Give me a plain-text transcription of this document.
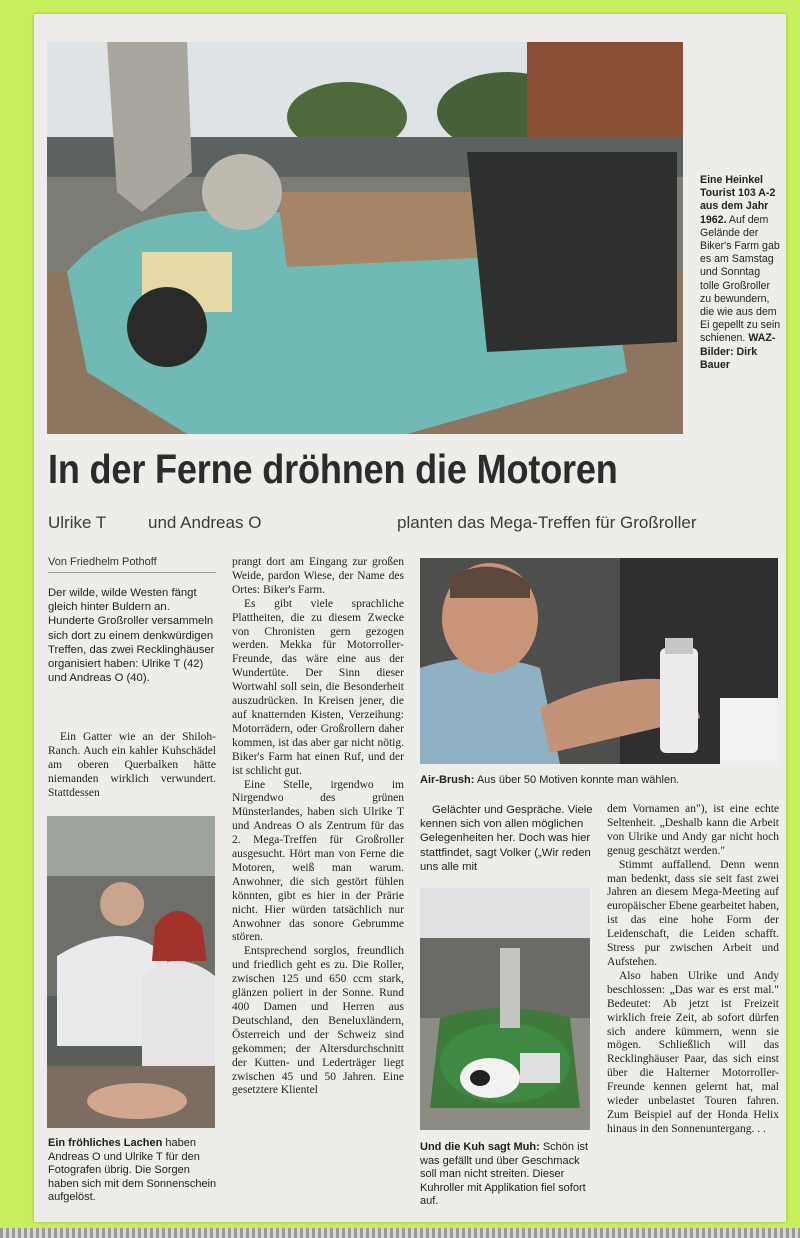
Eine Heinkel Tourist 103 A-2 aus dem Jahr 1962. Auf dem Gelände der Biker's Farm gab es am Samstag und Sonntag tolle Großroller zu bewundern, die wie aus dem Ei gepellt zu sein schienen. WAZ-Bilder: Dirk Bauer
In der Ferne dröhnen die Motoren
Ulrike T und Andreas O	planten das Mega-Treffen für Großroller
Von Friedhelm Pothoff

Der wilde, wilde Westen fängt gleich hinter Buldern an. Hunderte Großroller versammeln sich dort zu einem denkwürdigen Treffen, das zwei Recklinghäuser organisiert haben: Ulrike T (42) und Andreas O (40).

Ein Gatter wie an der Shiloh-Ranch. Auch ein kahler Kuhschädel am oberen Querbalken hätte niemanden wirklich verwundert. Stattdessen

Ein fröhliches Lachen haben Andreas O und Ulrike T für den Fotografen übrig. Die Sorgen haben sich mit dem Sonnenschein aufgelöst.

prangt dort am Eingang zur großen Weide, pardon Wiese, der Name des Ortes: Biker's Farm.

Es gibt viele sprachliche Plattheiten, die zu diesem Zwecke von Chronisten gern gezogen werden. Mekka für Motorroller-Freunde, das wäre eine aus der Wundertüte. Der Sinn dieser Wortwahl soll sein, die Besonderheit auszudrücken. In Kreisen jener, die auf knatternden Kisten, Verzeihung: Motorrädern, oder Großrollern daher kommen, ist das aber gar nicht nötig. Biker's Farm hat einen Ruf, und der ist schlicht gut.

Eine Stelle, irgendwo im Nirgendwo des grünen Münsterlandes, haben sich Ulrike T und Andreas O als Zentrum für das 2. Mega-Treffen für Großroller ausgesucht. Hört man von Ferne die Motoren, weiß man warum. Anwohner, die sich gestört fühlen könnten, gibt es hier in der Prärie nicht. Hier würden tatsächlich nur Anwohner das sonore Gebrumme stören.

Entsprechend sorglos, freundlich und friedlich geht es zu. Die Roller, zwischen 125 und 650 ccm stark, glänzen poliert in der Sonne. Rund 400 Damen und Herren aus Deutschland, den Beneluxländern, Österreich und der Schweiz sind gekommen; der Altersdurchschnitt der Kutten- und Lederträger liegt zwischen 45 und 50 Jahren. Eine gesetztere Klientel

Air-Brush: Aus über 50 Motiven konnte man wählen.

Gelächter und Gespräche. Viele kennen sich von allen möglichen Gelegenheiten her. Doch was hier stattfindet, sagt Volker („Wir reden uns alle mit

Und die Kuh sagt Muh: Schön ist was gefällt und über Geschmack soll man nicht streiten. Dieser Kuhroller mit Applikation fiel sofort auf.

dem Vornamen an"), ist eine echte Seltenheit. „Deshalb kann die Arbeit von Ulrike und Andy gar nicht hoch genug geschätzt werden."

Stimmt auffallend. Denn wenn man bedenkt, dass sie seit fast zwei Jahren an diesem Mega-Meeting auf europäischer Ebene gearbeitet haben, ist das eine hohe Form der Leidenschaft, die Leiden schafft. Stress pur zwischen Arbeit und Aufstehen.

Also haben Ulrike und Andy beschlossen: „Das war es erst mal." Bedeutet: Ab jetzt ist Freizeit wirklich freie Zeit, ab sofort dürfen sich andere kümmern, wenn sie mögen. Schließlich will das Recklinghäuser Paar, das sich einst über die Halterner Motorroller-Freunde kennen gelernt hat, mal wieder unbelastet Touren fahren. Zum Beispiel auf der Honda Helix hinaus in den Sonnenuntergang. . .
